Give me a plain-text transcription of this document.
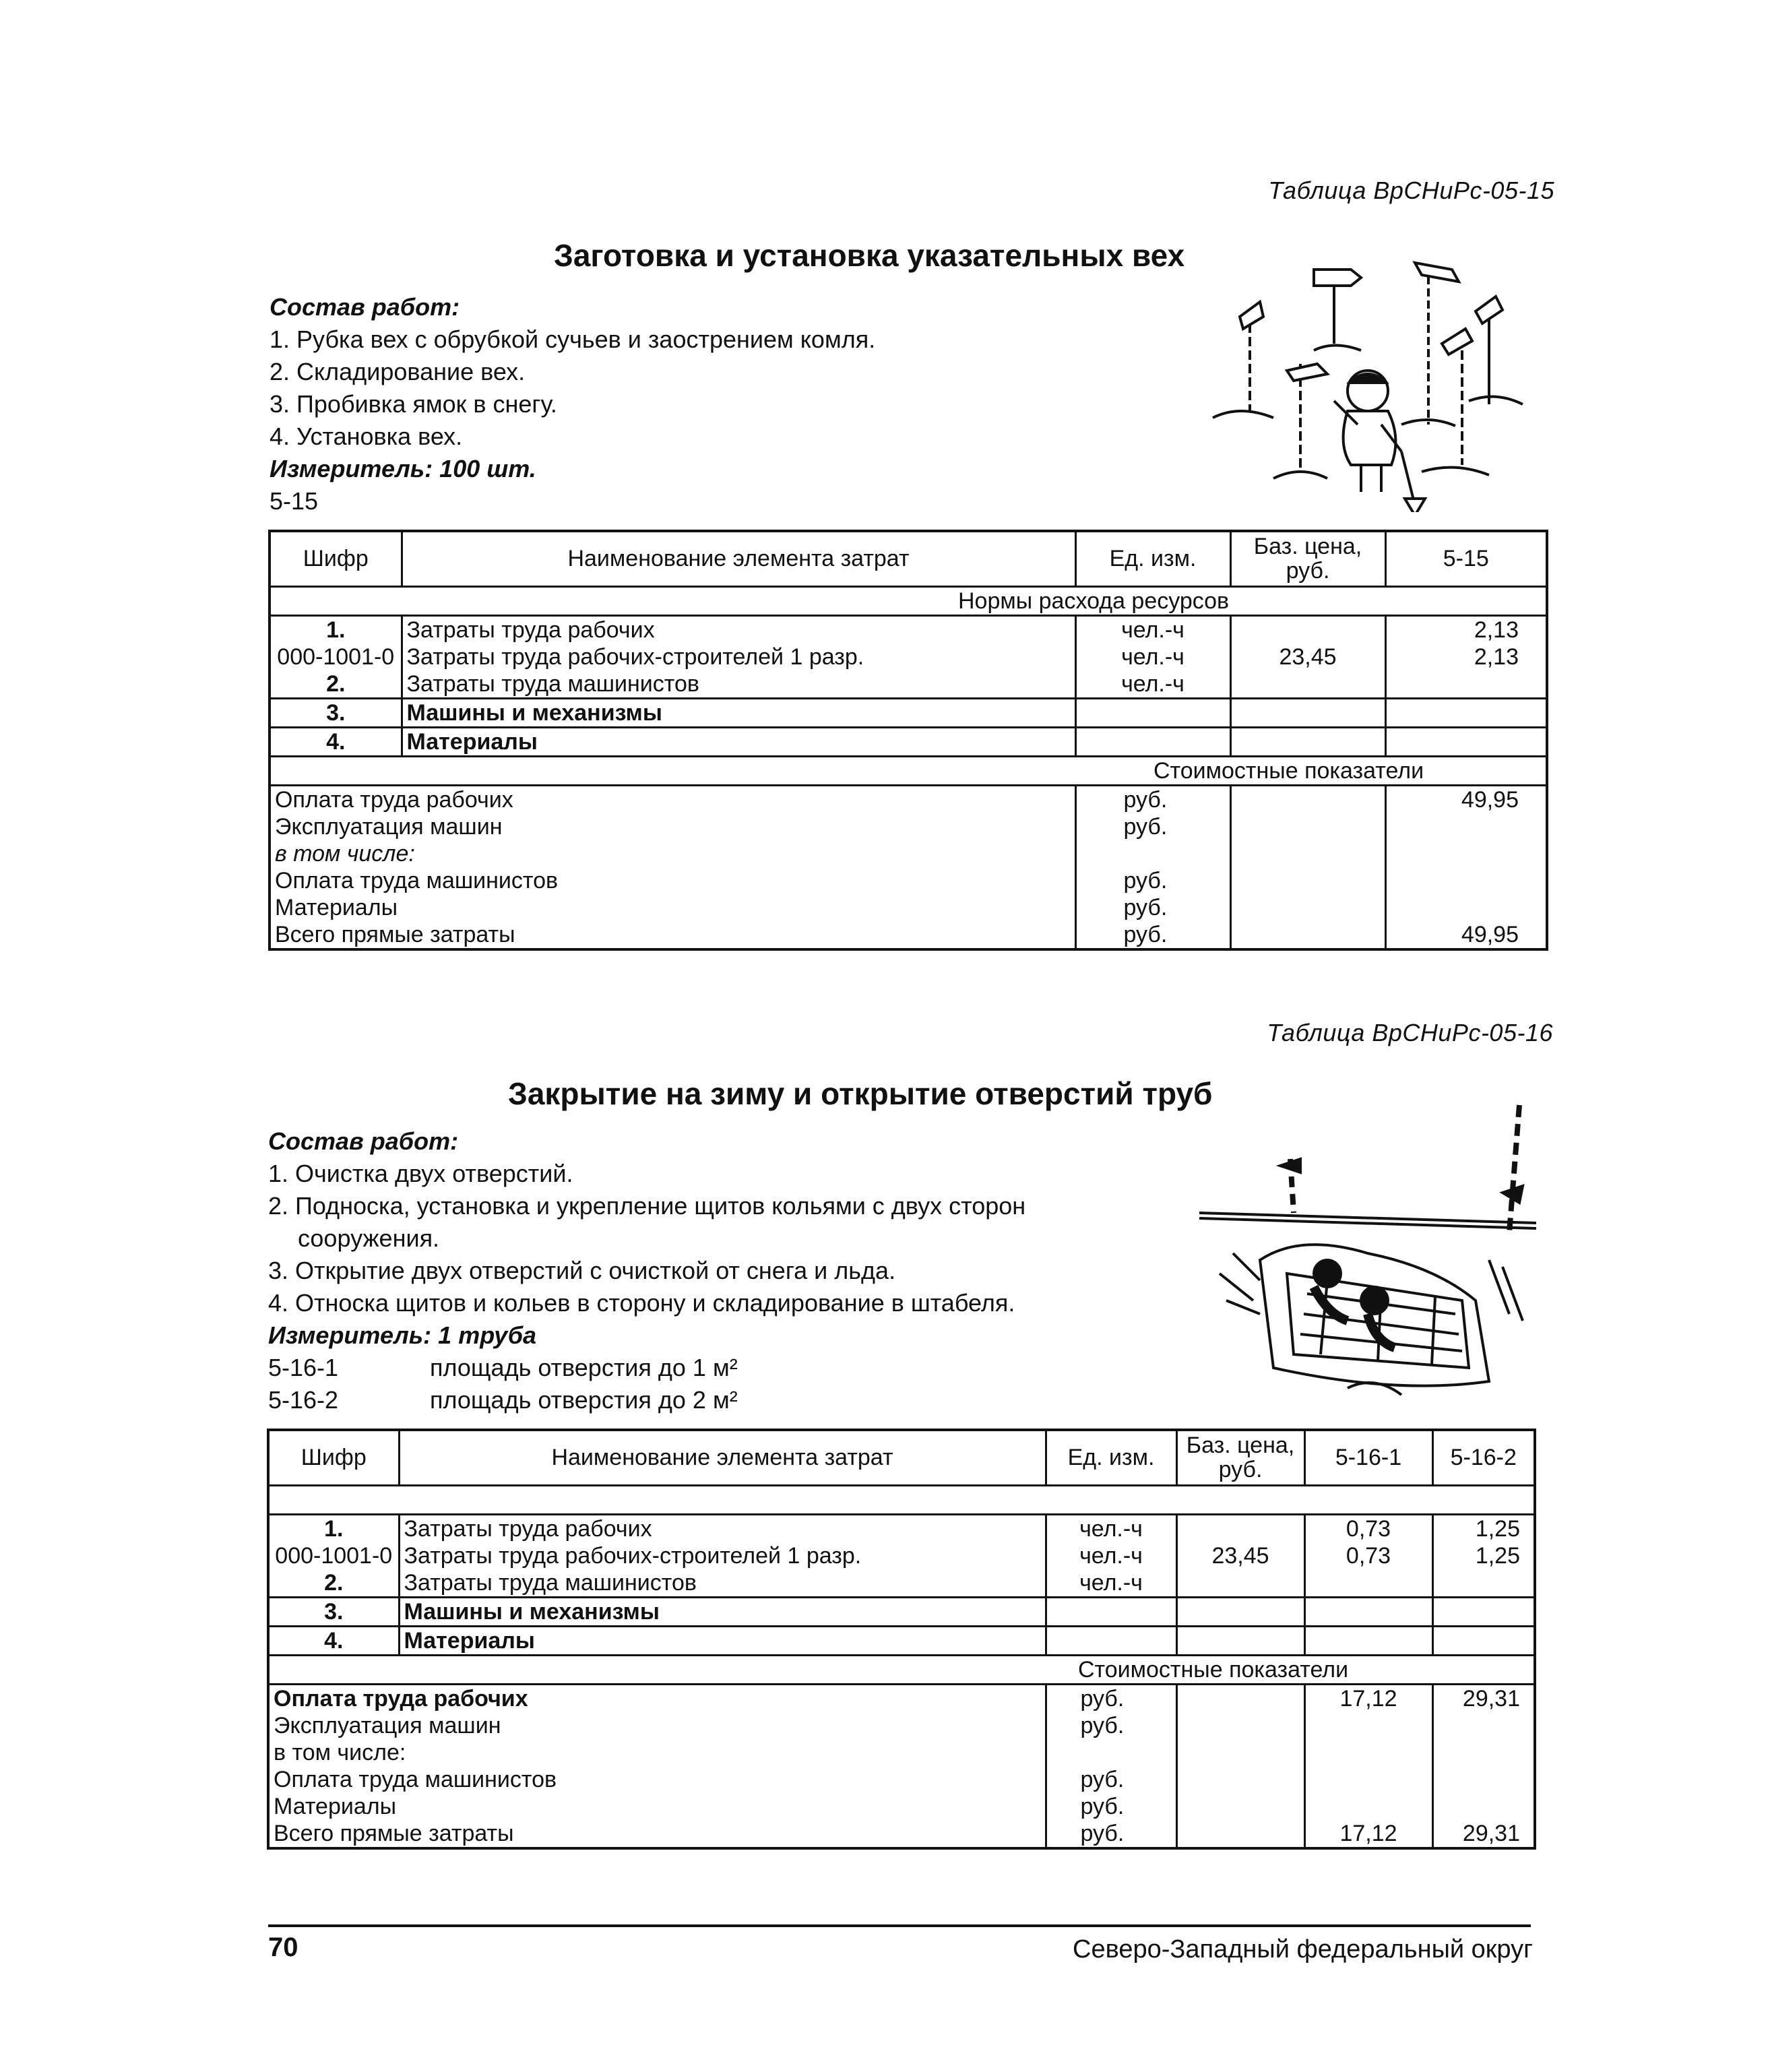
Таблица ВрСНиРс-05-15
Заготовка и установка указательных вех
Состав работ:
1. Рубка вех с обрубкой сучьев и заострением комля.
2. Складирование вех.
3. Пробивка ямок в снегу.
4. Установка вех.
Измеритель: 100 шт.
5-15
Шифр	Наименование элемента затрат	Ед. изм.	Баз. цена, руб.	5-15
Нормы расхода ресурсов				
1.	Затраты труда рабочих	чел.-ч		2,13
000-1001-0	Затраты труда рабочих-строителей 1 разр.	чел.-ч	23,45	2,13
2.	Затраты труда машинистов	чел.-ч		
3.	Машины и механизмы			
4.	Материалы			
Стоимостные показатели				
Оплата труда рабочих		руб.		49,95
Эксплуатация машин		руб.		
в том числе:				
Оплата труда машинистов		руб.		
Материалы		руб.		
Всего прямые затраты		руб.		49,95
Таблица ВрСНиРс-05-16
Закрытие на зиму и открытие отверстий труб
Состав работ:
1. Очистка двух отверстий.
2. Подноска, установка и укрепление щитов кольями с двух сторон
сооружения.
3. Открытие двух отверстий с очисткой от снега и льда.
4. Относка щитов и кольев в сторону и складирование в штабеля.
Измеритель: 1 труба
5-16-1	площадь отверстия до 1 м²
5-16-2	площадь отверстия до 2 м²
Шифр	Наименование элемента затрат	Ед. изм.	Баз. цена, руб.	5-16-1	5-16-2

1.	Затраты труда рабочих	чел.-ч		0,73	1,25
000-1001-0	Затраты труда рабочих-строителей 1 разр.	чел.-ч	23,45	0,73	1,25
2.	Затраты труда машинистов	чел.-ч			
3.	Машины и механизмы				
4.	Материалы				
Стоимостные показатели					
Оплата труда рабочих		руб.		17,12	29,31
Эксплуатация машин		руб.			
в том числе:					
Оплата труда машинистов		руб.			
Материалы		руб.			
Всего прямые затраты		руб.		17,12	29,31
70	Северо-Западный федеральный округ
